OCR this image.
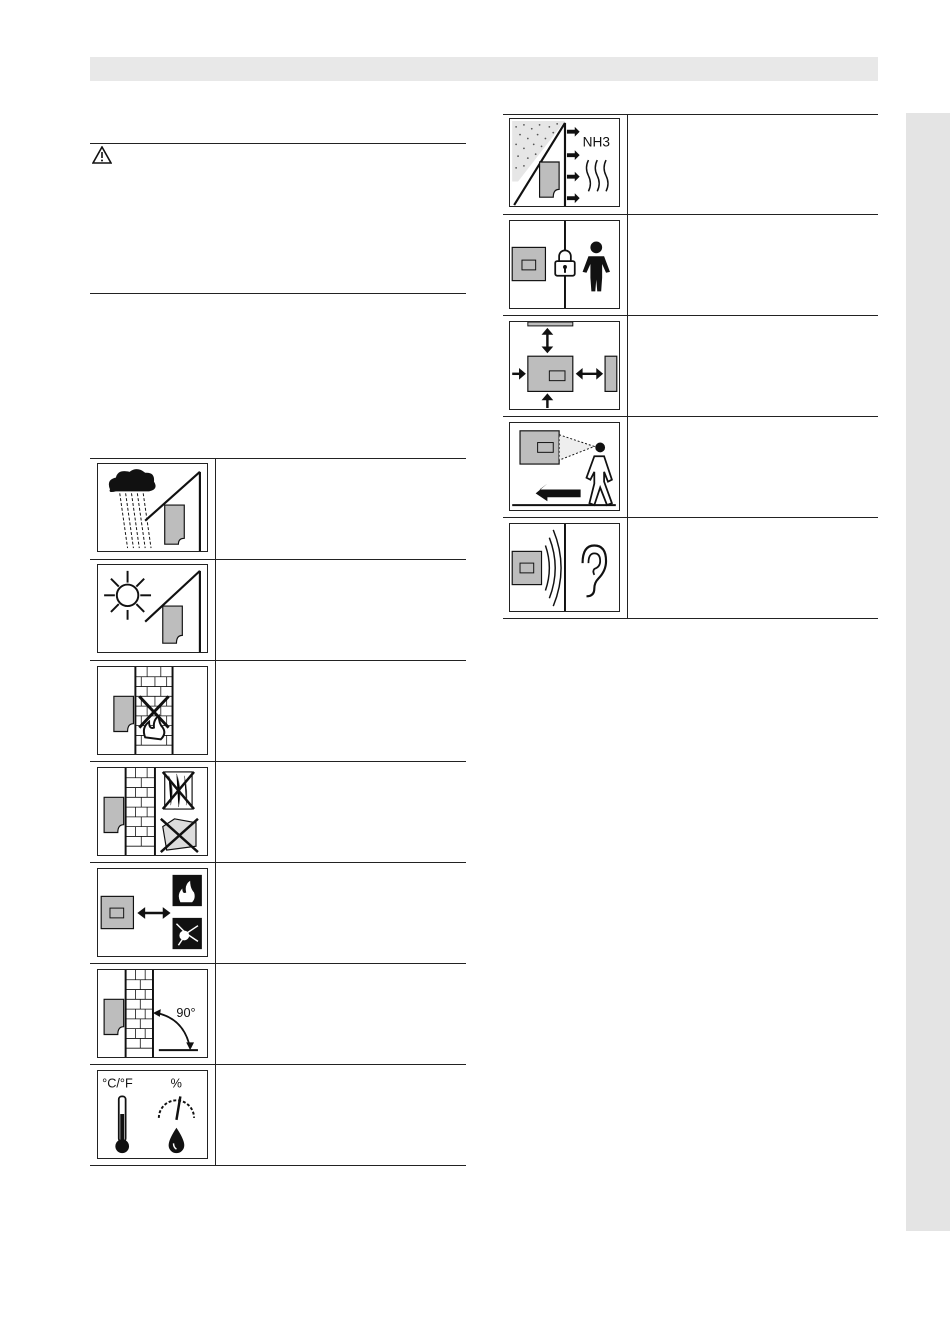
90°
°C/°F	%
NH3
